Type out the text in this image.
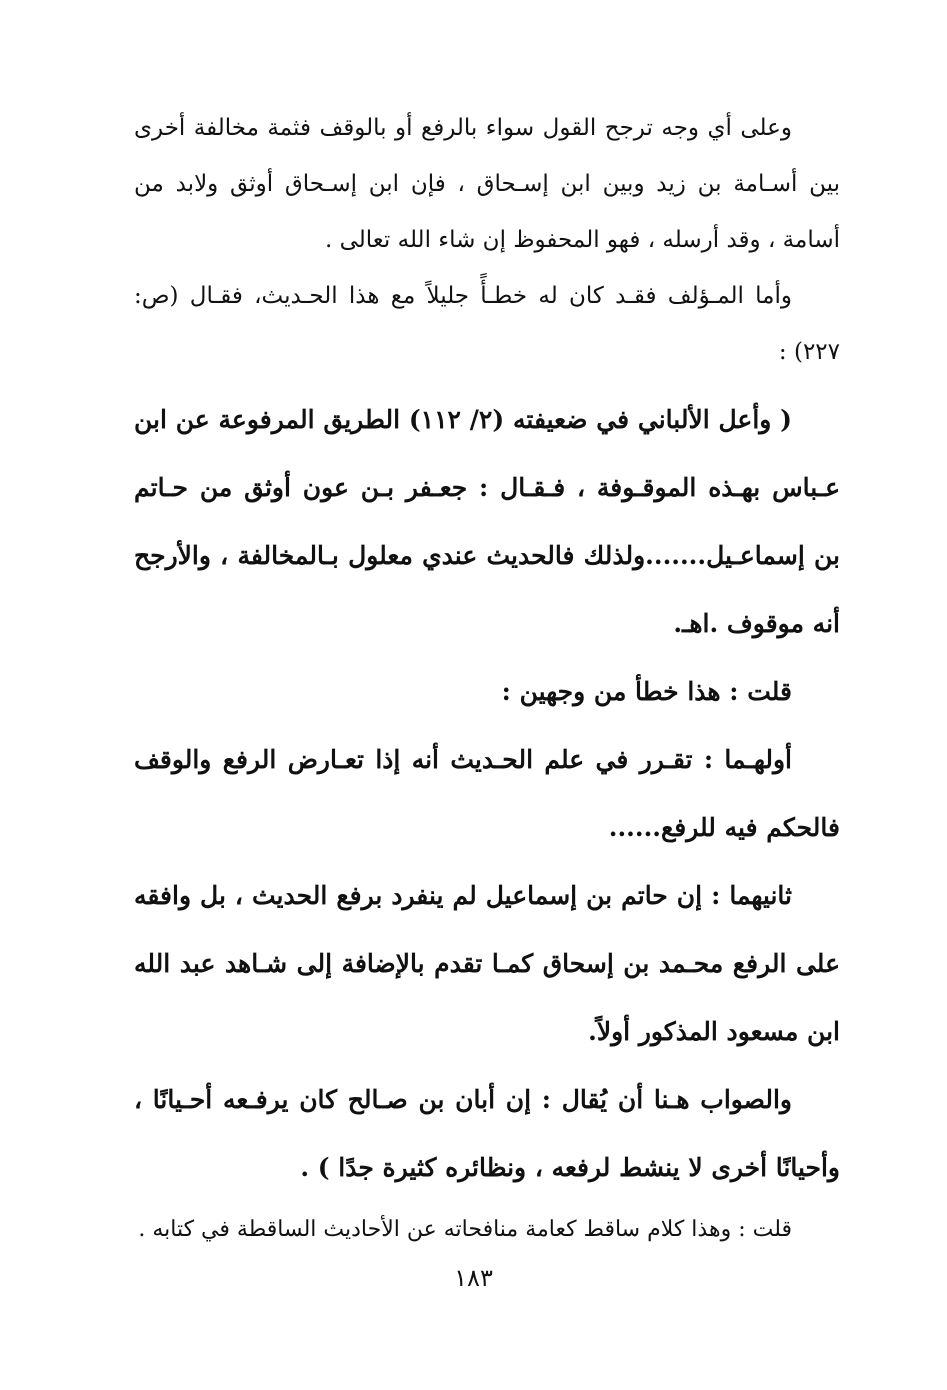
وعلى أي وجه ترجح القول سواء بالرفع أو بالوقف فثمة مخالفة أخرى بين أسـامة بن زيد وبين ابن إسـحاق ، فإن ابن إسـحاق أوثق ولابد من أسامة ، وقد أرسله ، فهو المحفوظ إن شاء الله تعالى .

وأما المـؤلف فقـد كان له خطـأً جليلاً مع هذا الحـديث، فقـال (ص: ٢٢٧) :

( وأعل الألباني في ضعيفته (٢/ ١١٢) الطريق المرفوعة عن ابن عـباس بهـذه الموقـوفة ، فـقـال : جعـفر بـن عون أوثق من حـاتم بن إسماعـيل.......ولذلك فالحديث عندي معلول بـالمخالفة ، والأرجح أنه موقوف .اهـ.

قلت : هذا خطأ من وجهين :

أولهـما : تقـرر في علم الحـديث أنه إذا تعـارض الرفع والوقف فالحكم فيه للرفع......

ثانيهما : إن حاتم بن إسماعيل لم ينفرد برفع الحديث ، بل وافقه على الرفع محـمد بن إسحاق كمـا تقدم بالإضافة إلى شـاهد عبد الله ابن مسعود المذكور أولاً.

والصواب هـنا أن يُقال : إن أبان بن صـالح كان يرفـعه أحـيانًا ، وأحيانًا أخرى لا ينشط لرفعه ، ونظائره كثيرة جدًا ) .

قلت : وهذا كلام ساقط كعامة منافحاته عن الأحاديث الساقطة في كتابه .

١٨٣
